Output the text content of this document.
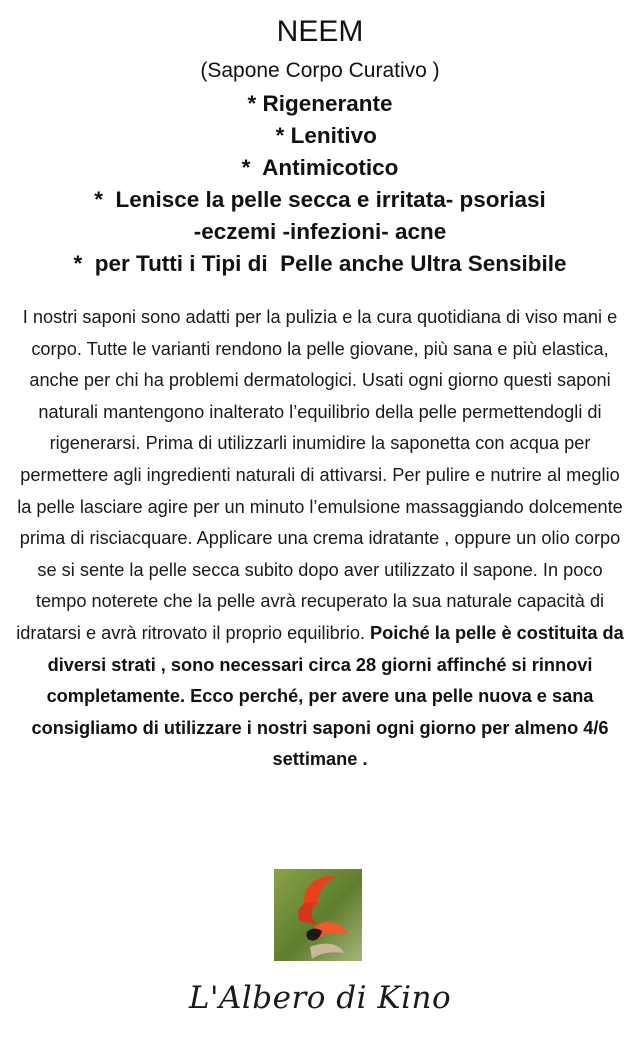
NEEM
(Sapone Corpo Curativo )
* Rigenerante
* Lenitivo
*  Antimicotico
*  Lenisce la pelle secca e irritata- psoriasi
-eczemi -infezioni- acne
*  per Tutti i Tipi di  Pelle anche Ultra Sensibile
I nostri saponi sono adatti per la pulizia e la cura quotidiana di viso mani e corpo. Tutte le varianti rendono la pelle giovane, più sana e più elastica, anche per chi ha problemi dermatologici. Usati ogni giorno questi saponi naturali mantengono inalterato l’equilibrio della pelle permettendogli di rigenerarsi. Prima di utilizzarli inumidire la saponetta con acqua per permettere agli ingredienti naturali di attivarsi. Per pulire e nutrire al meglio la pelle lasciare agire per un minuto l’emulsione massaggiando dolcemente prima di risciacquare. Applicare una crema idratante , oppure un olio corpo se si sente la pelle secca subito dopo aver utilizzato il sapone. In poco tempo noterete che la pelle avrà recuperato la sua naturale capacità di idratarsi e avrà ritrovato il proprio equilibrio. Poiché la pelle è costituita da diversi strati , sono necessari circa 28 giorni affinché si rinnovi completamente. Ecco perché, per avere una pelle nuova e sana consigliamo di utilizzare i nostri saponi ogni giorno per almeno 4/6 settimane .
L'Albero di Kino
